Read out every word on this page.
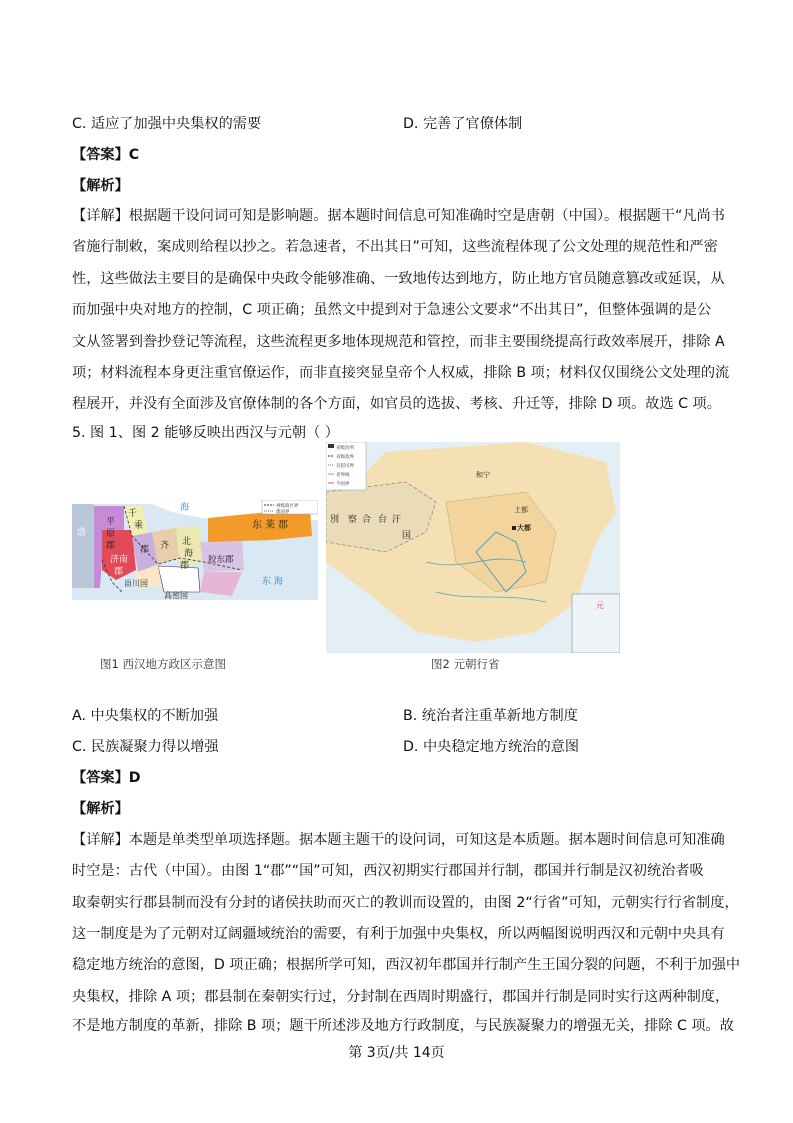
C. 适应了加强中央集权的需要	D. 完善了官僚体制
【答案】C
【解析】
【详解】根据题干设问词可知是影响题。据本题时间信息可知准确时空是唐朝（中国）。根据题干“凡尚书
省施行制敕，案成则给程以抄之。若急速者，不出其日”可知，这些流程体现了公文处理的规范性和严密
性，这些做法主要目的是确保中央政令能够准确、一致地传达到地方，防止地方官员随意篡改或延误，从
而加强中央对地方的控制，C 项正确；虽然文中提到对于急速公文要求“不出其日”，但整体强调的是公
文从签署到誊抄登记等流程，这些流程更多地体现规范和管控，而非主要围绕提高行政效率展开，排除 A
项；材料流程本身更注重官僚运作，而非直接突显皇帝个人权威，排除 B 项；材料仅仅围绕公文处理的流
程展开，并没有全面涉及官僚体制的各个方面，如官员的选拔、考核、升迁等，排除 D 项。故选 C 项。
5. 图 1、图 2 能够反映出西汉与元朝（ ）
州级政区界
郡国界
渤
海
平
原
郡
济南
郡
千
乘
郡 齐 北
海
郡
东 莱 郡
胶东郡
甾川国
高密国
东 海
图1 西汉地方政区示意图
省级治所
省级政界
宣慰司界
省界线
今国界
別 察 合 台 汗
国
和宁
上都
大都
元
图2 元朝行省
A. 中央集权的不断加强	B. 统治者注重革新地方制度
C. 民族凝聚力得以增强	D. 中央稳定地方统治的意图
【答案】D
【解析】
【详解】本题是单类型单项选择题。据本题主题干的设问词，可知这是本质题。据本题时间信息可知准确
时空是：古代（中国）。由图 1“郡”“国”可知，西汉初期实行郡国并行制，郡国并行制是汉初统治者吸
取秦朝实行郡县制而没有分封的诸侯扶助而灭亡的教训而设置的，由图 2“行省”可知，元朝实行行省制度，
这一制度是为了元朝对辽阔疆域统治的需要，有利于加强中央集权，所以两幅图说明西汉和元朝中央具有
稳定地方统治的意图，D 项正确；根据所学可知，西汉初年郡国并行制产生王国分裂的问题，不利于加强中
央集权，排除 A 项；郡县制在秦朝实行过，分封制在西周时期盛行，郡国并行制是同时实行这两种制度，
不是地方制度的革新，排除 B 项；题干所述涉及地方行政制度，与民族凝聚力的增强无关，排除 C 项。故
第 3页/共 14页
